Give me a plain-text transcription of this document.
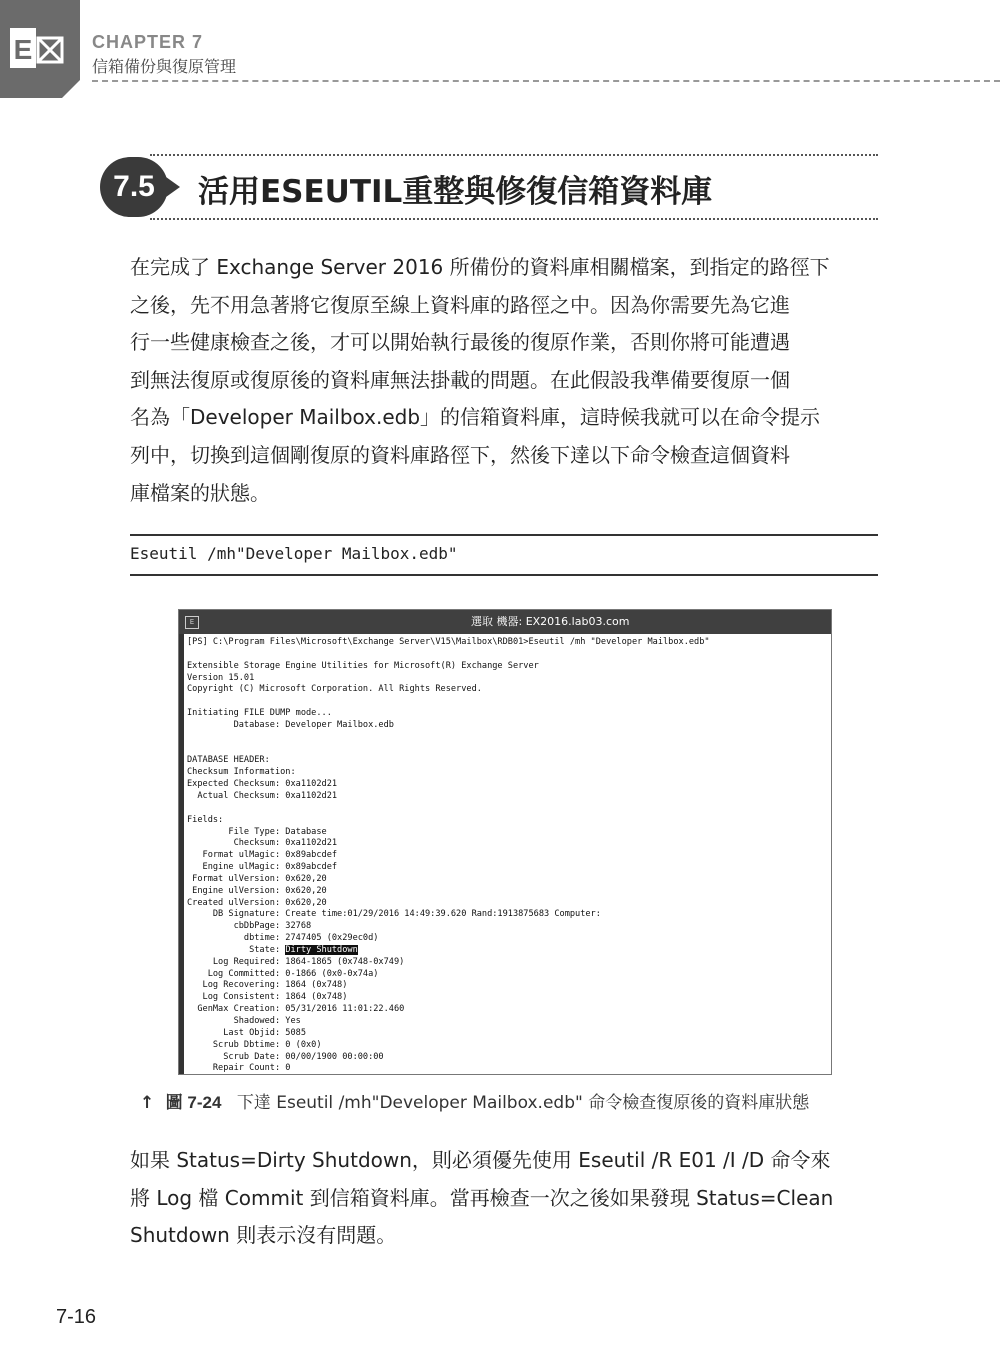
E	CHAPTER 7
信箱備份與復原管理
7.5	活用ESEUTIL重整與修復信箱資料庫
在完成了 Exchange Server 2016 所備份的資料庫相關檔案，到指定的路徑下
之後，先不用急著將它復原至線上資料庫的路徑之中。因為你需要先為它進
行一些健康檢查之後，才可以開始執行最後的復原作業，否則你將可能遭遇
到無法復原或復原後的資料庫無法掛載的問題。在此假設我準備要復原一個
名為「Developer Mailbox.edb」的信箱資料庫，這時候我就可以在命令提示
列中，切換到這個剛復原的資料庫路徑下，然後下達以下命令檢查這個資料
庫檔案的狀態。
Eseutil /mh"Developer Mailbox.edb"
E	選取 機器: EX2016.lab03.com
[PS] C:\Program Files\Microsoft\Exchange Server\V15\Mailbox\RDB01>Eseutil /mh "Developer Mailbox.edb"

Extensible Storage Engine Utilities for Microsoft(R) Exchange Server
Version 15.01
Copyright (C) Microsoft Corporation. All Rights Reserved.

Initiating FILE DUMP mode...
Database: Developer Mailbox.edb

DATABASE HEADER:
Checksum Information:
Expected Checksum: 0xa1102d21
Actual Checksum: 0xa1102d21

Fields:
File Type: Database
Checksum: 0xa1102d21
Format ulMagic: 0x89abcdef
Engine ulMagic: 0x89abcdef
Format ulVersion: 0x620,20
Engine ulVersion: 0x620,20
Created ulVersion: 0x620,20
DB Signature: Create time:01/29/2016 14:49:39.620 Rand:1913875683 Computer:
cbDbPage: 32768
dbtime: 2747405 (0x29ec0d)
State: Dirty Shutdown
Log Required: 1864-1865 (0x748-0x749)
Log Committed: 0-1866 (0x0-0x74a)
Log Recovering: 1864 (0x748)
Log Consistent: 1864 (0x748)
GenMax Creation: 05/31/2016 11:01:22.460
Shadowed: Yes
Last Objid: 5085
Scrub Dbtime: 0 (0x0)
Scrub Date: 00/00/1900 00:00:00
Repair Count: 0
↑ 圖 7-24 下達 Eseutil /mh"Developer Mailbox.edb" 命令檢查復原後的資料庫狀態
如果 Status=Dirty Shutdown，則必須優先使用 Eseutil /R E01 /I /D 命令來
將 Log 檔 Commit 到信箱資料庫。當再檢查一次之後如果發現 Status=Clean
Shutdown 則表示沒有問題。
7-16
